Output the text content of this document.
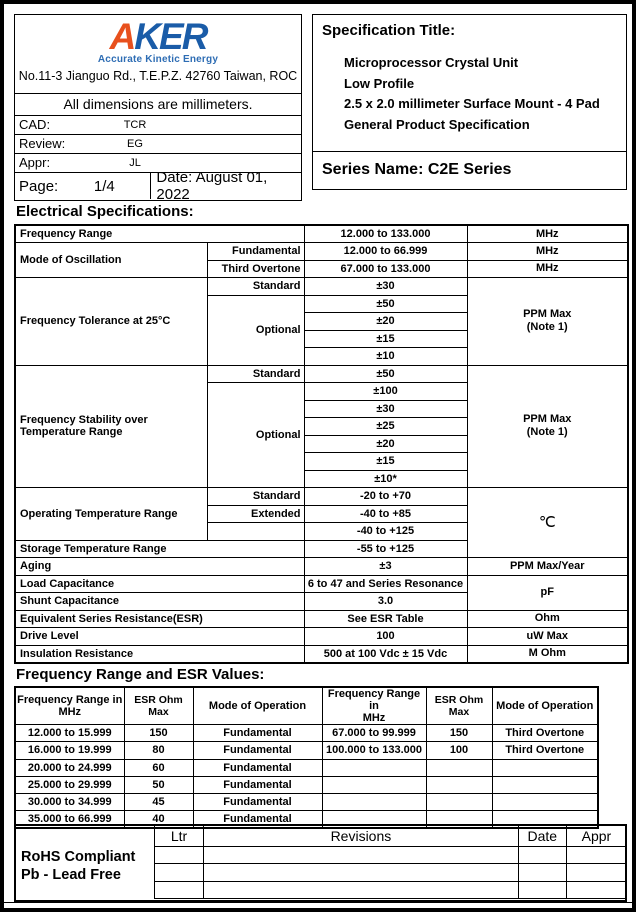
AKER
Accurate Kinetic Energy
No.11-3 Jianguo Rd., T.E.P.Z. 42760 Taiwan, ROC
All dimensions are millimeters.
CAD:	TCR
Review:	EG
Appr:	JL
Page:	1/4	Date: August 01, 2022
Specification Title:
Microprocessor Crystal Unit
Low Profile
2.5 x 2.0 millimeter Surface Mount - 4 Pad
General Product Specification
Series Name: C2E Series
Electrical Specifications:
Frequency Range		12.000 to 133.000	MHz
Mode of Oscillation	Fundamental	12.000 to 66.999	MHz
	Third Overtone	67.000 to 133.000	MHz
Frequency Tolerance at 25°C	Standard	±30	PPM Max
(Note 1)

	Optional	±50	
		±20	
		±15	
		±10	
Frequency Stability over Temperature Range	Standard	±50	PPM Max
(Note 1)

	Optional	±100	
		±30	
		±25	
		±20	
		±15	
		±10*	
Operating Temperature Range	Standard	-20 to +70	℃
	Extended	-40 to +85	
		-40 to +125	
Storage Temperature Range		-55 to +125	
Aging		±3	PPM Max/Year
Load Capacitance		6 to 47 and Series Resonance	pF
Shunt Capacitance		3.0	
Equivalent Series Resistance(ESR)		See ESR Table	Ohm
Drive Level		100	uW Max
Insulation Resistance		500 at 100 Vdc ± 15 Vdc	M Ohm
Frequency Range and ESR Values:
Frequency Range in
MHz
	ESR Ohm Max	Mode of Operation	
Frequency Range in
MHz
	ESR Ohm Max	Mode of Operation
12.000 to 15.999	150	Fundamental	67.000 to 99.999	150	Third Overtone
16.000 to 19.999	80	Fundamental	100.000 to 133.000	100	Third Overtone
20.000 to 24.999	60	Fundamental			
25.000 to 29.999	50	Fundamental			
30.000 to 34.999	45	Fundamental			
35.000 to 66.999	40	Fundamental			
RoHS Compliant
Pb - Lead Free
Ltr	Revisions	Date	Appr
